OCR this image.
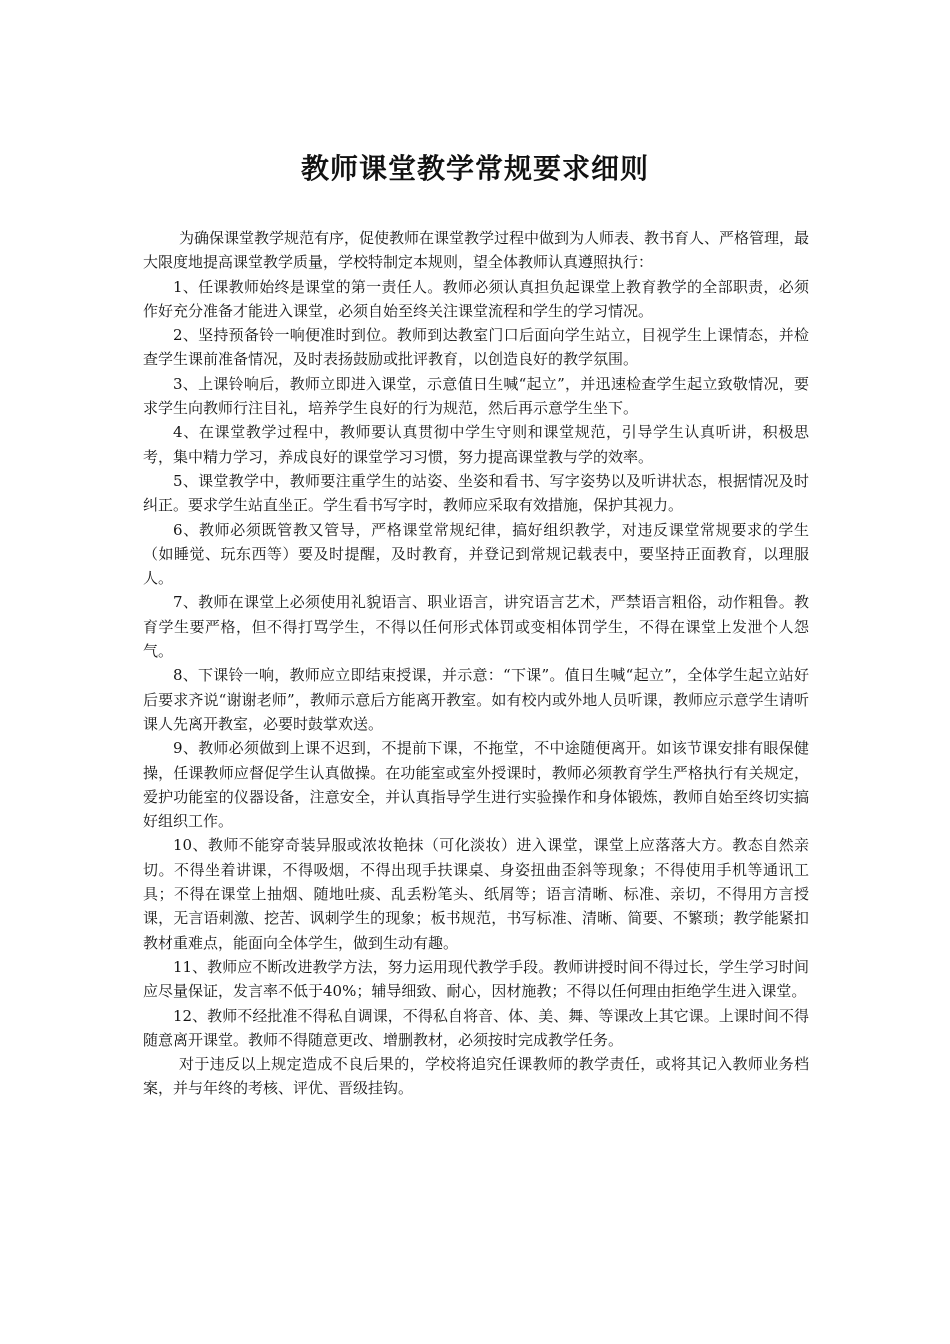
教师课堂教学常规要求细则

为确保课堂教学规范有序，促使教师在课堂教学过程中做到为人师表、教书育人、严格管理，最大限度地提高课堂教学质量，学校特制定本规则，望全体教师认真遵照执行：

1、任课教师始终是课堂的第一责任人。教师必须认真担负起课堂上教育教学的全部职责，必须作好充分准备才能进入课堂，必须自始至终关注课堂流程和学生的学习情况。

2、坚持预备铃一响便准时到位。教师到达教室门口后面向学生站立，目视学生上课情态，并检查学生课前准备情况，及时表扬鼓励或批评教育，以创造良好的教学氛围。

3、上课铃响后，教师立即进入课堂，示意值日生喊“起立”，并迅速检查学生起立致敬情况，要求学生向教师行注目礼，培养学生良好的行为规范，然后再示意学生坐下。

4、在课堂教学过程中，教师要认真贯彻中学生守则和课堂规范，引导学生认真听讲，积极思考，集中精力学习，养成良好的课堂学习习惯，努力提高课堂教与学的效率。

5、课堂教学中，教师要注重学生的站姿、坐姿和看书、写字姿势以及听讲状态，根据情况及时纠正。要求学生站直坐正。学生看书写字时，教师应采取有效措施，保护其视力。

6、教师必须既管教又管导，严格课堂常规纪律，搞好组织教学，对违反课堂常规要求的学生（如睡觉、玩东西等）要及时提醒，及时教育，并登记到常规记载表中，要坚持正面教育，以理服人。

7、教师在课堂上必须使用礼貌语言、职业语言，讲究语言艺术，严禁语言粗俗，动作粗鲁。教育学生要严格，但不得打骂学生，不得以任何形式体罚或变相体罚学生，不得在课堂上发泄个人怨气。

8、下课铃一响，教师应立即结束授课，并示意：“下课”。值日生喊“起立”，全体学生起立站好后要求齐说“谢谢老师”，教师示意后方能离开教室。如有校内或外地人员听课，教师应示意学生请听课人先离开教室，必要时鼓掌欢送。

9、教师必须做到上课不迟到，不提前下课，不拖堂，不中途随便离开。如该节课安排有眼保健操，任课教师应督促学生认真做操。在功能室或室外授课时，教师必须教育学生严格执行有关规定，爱护功能室的仪器设备，注意安全，并认真指导学生进行实验操作和身体锻炼，教师自始至终切实搞好组织工作。

10、教师不能穿奇装异服或浓妆艳抹（可化淡妆）进入课堂，课堂上应落落大方。教态自然亲切。不得坐着讲课，不得吸烟，不得出现手扶课桌、身姿扭曲歪斜等现象；不得使用手机等通讯工具；不得在课堂上抽烟、随地吐痰、乱丢粉笔头、纸屑等；语言清晰、标准、亲切，不得用方言授课，无言语刺激、挖苦、讽刺学生的现象；板书规范，书写标准、清晰、简要、不繁琐；教学能紧扣教材重难点，能面向全体学生，做到生动有趣。

11、教师应不断改进教学方法，努力运用现代教学手段。教师讲授时间不得过长，学生学习时间应尽量保证，发言率不低于40%；辅导细致、耐心，因材施教；不得以任何理由拒绝学生进入课堂。

12、教师不经批准不得私自调课，不得私自将音、体、美、舞、等课改上其它课。上课时间不得随意离开课堂。教师不得随意更改、增删教材，必须按时完成教学任务。

对于违反以上规定造成不良后果的，学校将追究任课教师的教学责任，或将其记入教师业务档案，并与年终的考核、评优、晋级挂钩。
